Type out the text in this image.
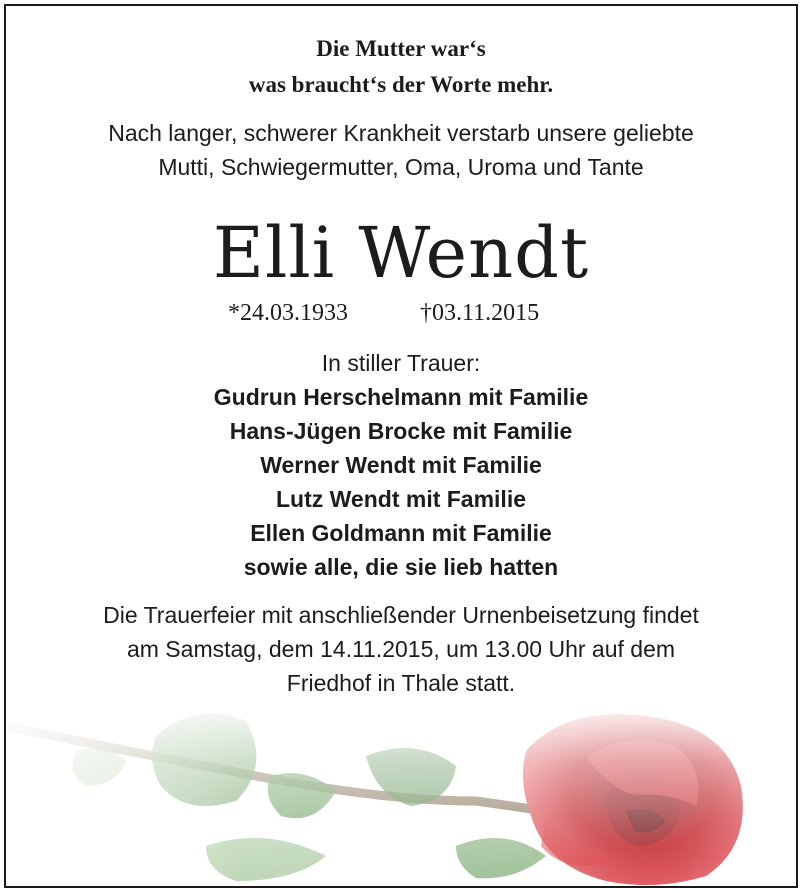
Die Mutter war‘s
was braucht‘s der Worte mehr.
Nach langer, schwerer Krankheit verstarb unsere geliebte
Mutti, Schwiegermutter, Oma, Uroma und Tante
Elli Wendt
*24.03.1933	†03.11.2015
In stiller Trauer:
Gudrun Herschelmann mit Familie
Hans-Jügen Brocke mit Familie
Werner Wendt mit Familie
Lutz Wendt mit Familie
Ellen Goldmann mit Familie
sowie alle, die sie lieb hatten
Die Trauerfeier mit anschließender Urnenbeisetzung findet
am Samstag, dem 14.11.2015, um 13.00 Uhr auf dem
Friedhof in Thale statt.
